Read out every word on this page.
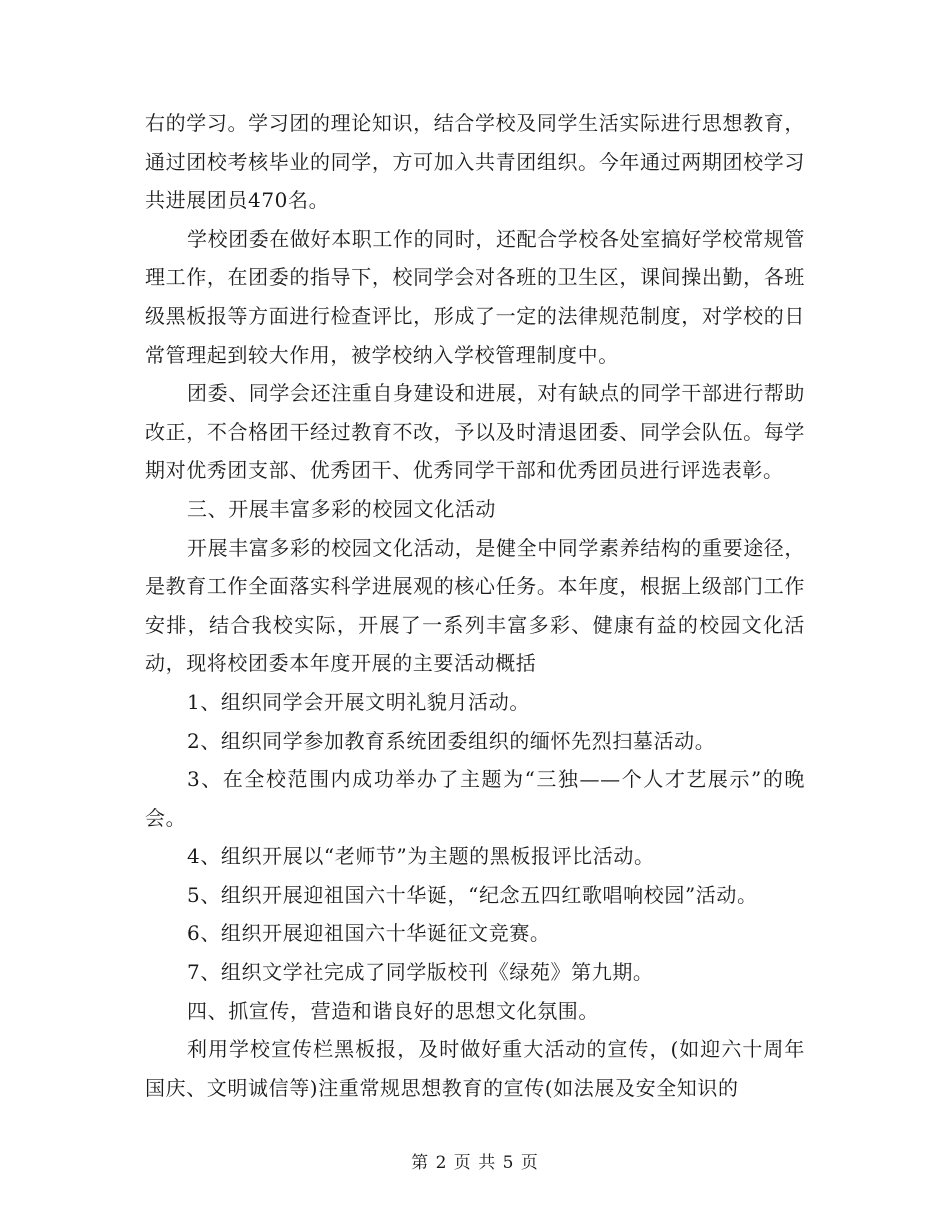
右的学习。学习团的理论知识，结合学校及同学生活实际进行思想教育，通过团校考核毕业的同学，方可加入共青团组织。今年通过两期团校学习共进展团员470名。

学校团委在做好本职工作的同时，还配合学校各处室搞好学校常规管理工作，在团委的指导下，校同学会对各班的卫生区，课间操出勤，各班级黑板报等方面进行检查评比，形成了一定的法律规范制度，对学校的日常管理起到较大作用，被学校纳入学校管理制度中。

团委、同学会还注重自身建设和进展，对有缺点的同学干部进行帮助改正，不合格团干经过教育不改，予以及时清退团委、同学会队伍。每学期对优秀团支部、优秀团干、优秀同学干部和优秀团员进行评选表彰。

三、开展丰富多彩的校园文化活动

开展丰富多彩的校园文化活动，是健全中同学素养结构的重要途径，是教育工作全面落实科学进展观的核心任务。本年度，根据上级部门工作安排，结合我校实际，开展了一系列丰富多彩、健康有益的校园文化活动，现将校团委本年度开展的主要活动概括

1、组织同学会开展文明礼貌月活动。

2、组织同学参加教育系统团委组织的缅怀先烈扫墓活动。

3、在全校范围内成功举办了主题为“三独——个人才艺展示”的晚会。

4、组织开展以“老师节”为主题的黑板报评比活动。

5、组织开展迎祖国六十华诞，“纪念五四红歌唱响校园”活动。

6、组织开展迎祖国六十华诞征文竞赛。

7、组织文学社完成了同学版校刊《绿苑》第九期。

四、抓宣传，营造和谐良好的思想文化氛围。

利用学校宣传栏黑板报，及时做好重大活动的宣传，(如迎六十周年国庆、文明诚信等)注重常规思想教育的宣传(如法展及安全知识的

第 2 页 共 5 页
